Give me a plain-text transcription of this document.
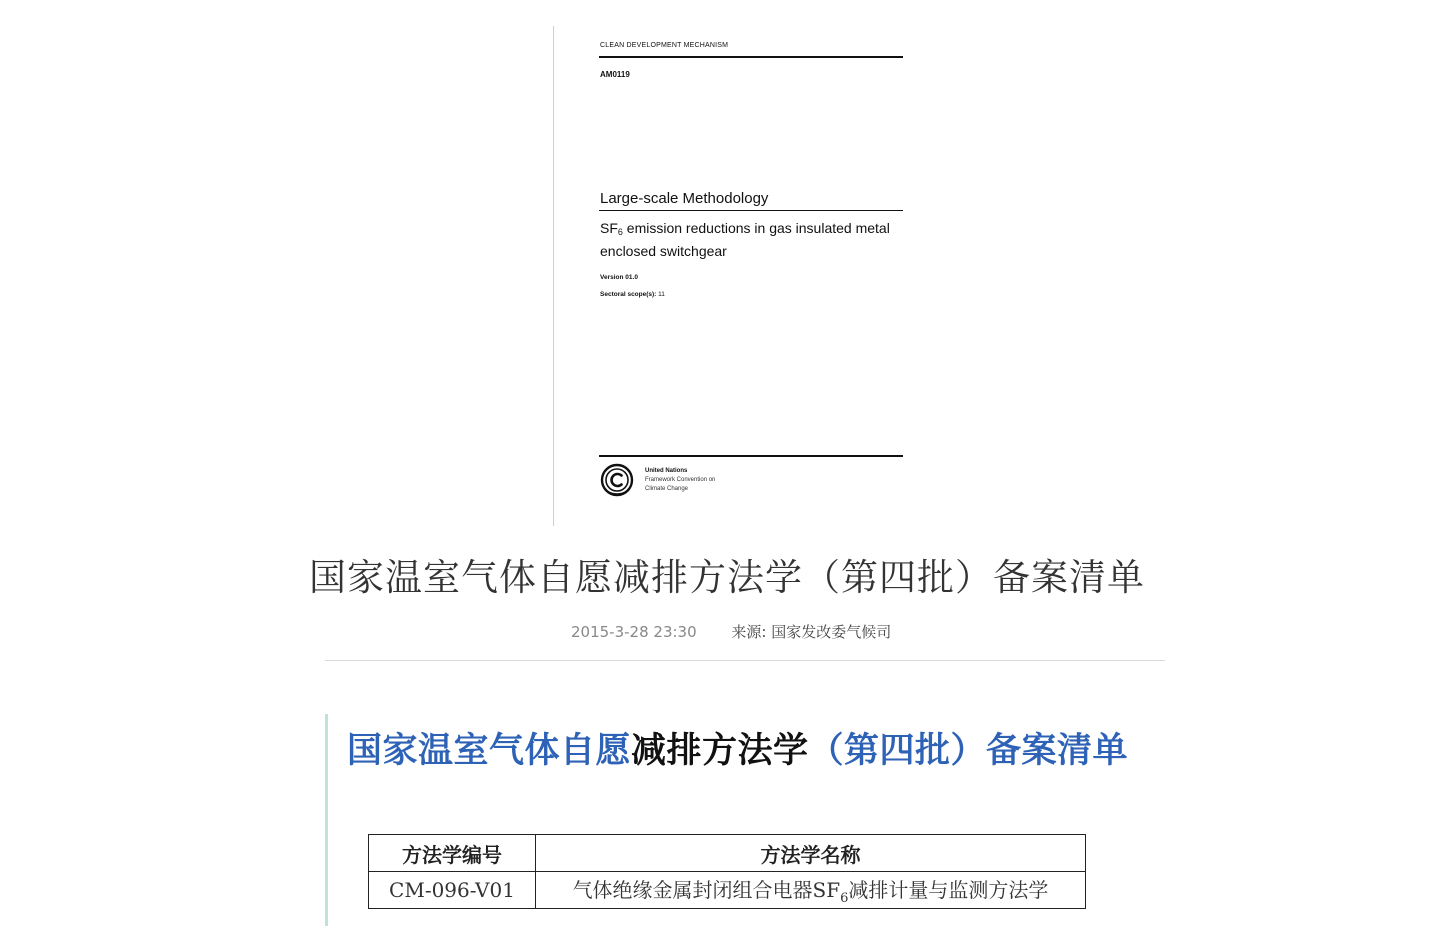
CLEAN DEVELOPMENT MECHANISM
AM0119
Large-scale Methodology
$SF_6$ emission reductions in gas insulated metal enclosed switchgear
Version 01.0
Sectoral scope(s): 11
United Nations
Framework Convention on
Climate Change
国家温室气体自愿减排方法学（第四批）备案清单
2015-3-28 23:30 来源: 国家发改委气候司
国家温室气体自愿减排方法学（第四批）备案清单
方法学编号	方法学名称
CM-096-V01	气体绝缘金属封闭组合电器$SF_6$减排计量与监测方法学
